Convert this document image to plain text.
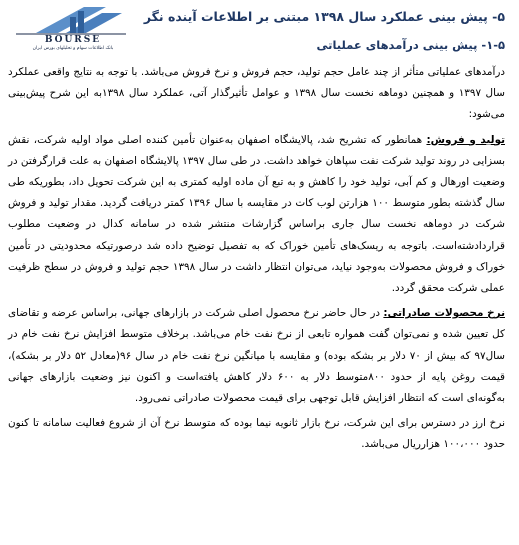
BOURSE
بانک اطلاعات سهام و تحلیلهای بورس ایران
۵- پیش بینی عملکرد سال ۱۳۹۸ مبتنی بر اطلاعات آینده نگر
۱-۵- پیش بینی درآمدهای عملیاتی

درآمدهای عملیاتی متأثر از چند عامل حجم تولید، حجم فروش و نرخ فروش می‌باشد. با توجه به نتایج واقعی عملکرد سال ۱۳۹۷ و همچنین دوماهه نخست سال ۱۳۹۸ و عوامل تأثیرگذار آتی، عملکرد سال ۱۳۹۸به این شرح پیش‌بینی می‌شود:

تولید و فروش: همانطور که تشریح شد، پالایشگاه اصفهان به‌عنوان تأمین کننده اصلی مواد اولیه شرکت، نقش بسزایی در روند تولید شرکت نفت سپاهان خواهد داشت. در طی سال ۱۳۹۷ پالایشگاه اصفهان به علت قرارگرفتن در وضعیت اورهال و کم آبی، تولید خود را کاهش و به تبع آن ماده اولیه کمتری به این شرکت تحویل داد، بطوریکه طی سال گذشته بطور متوسط ۱۰۰ هزارتن لوب کات در مقایسه با سال ۱۳۹۶ کمتر دریافت گردید. مقدار تولید و فروش شرکت در دوماهه نخست سال جاری براساس گزارشات منتشر شده در سامانه کدال در وضعیت مطلوب قراردادشته‌است. باتوجه به ریسک‌های تأمین خوراک که به تفصیل توضیح داده شد درصورتیکه محدودیتی در تأمین خوراک و فروش محصولات به‌وجود نیاید، می‌توان انتظار داشت در سال ۱۳۹۸ حجم تولید و فروش در سطح ظرفیت عملی شرکت محقق گردد.

نرخ محصولات صادراتی: در حال حاضر نرخ محصول اصلی شرکت در بازارهای جهانی، براساس عرضه و تقاضای کل تعیین شده و نمی‌توان گفت همواره تابعی از نرخ نفت خام می‌باشد. برخلاف متوسط افزایش نرخ نفت خام در سال۹۷ که بیش از ۷۰ دلار بر بشکه بوده) و مقایسه با میانگین نرخ نفت خام در سال ۹۶(معادل ۵۲ دلار بر بشکه)، قیمت روغن پایه از حدود ۸۰۰متوسط دلار به ۶۰۰ دلار کاهش یافته‌است و اکنون نیز وضعیت بازارهای جهانی به‌گونه‌ای است که انتظار افزایش قابل توجهی برای قیمت محصولات صادراتی نمی‌رود.

نرخ ارز در دسترس برای این شرکت، نرخ بازار ثانویه نیما بوده که متوسط نرخ آن از شروع فعالیت سامانه تا کنون حدود ۱۰۰،۰۰۰ هزارریال می‌باشد.
